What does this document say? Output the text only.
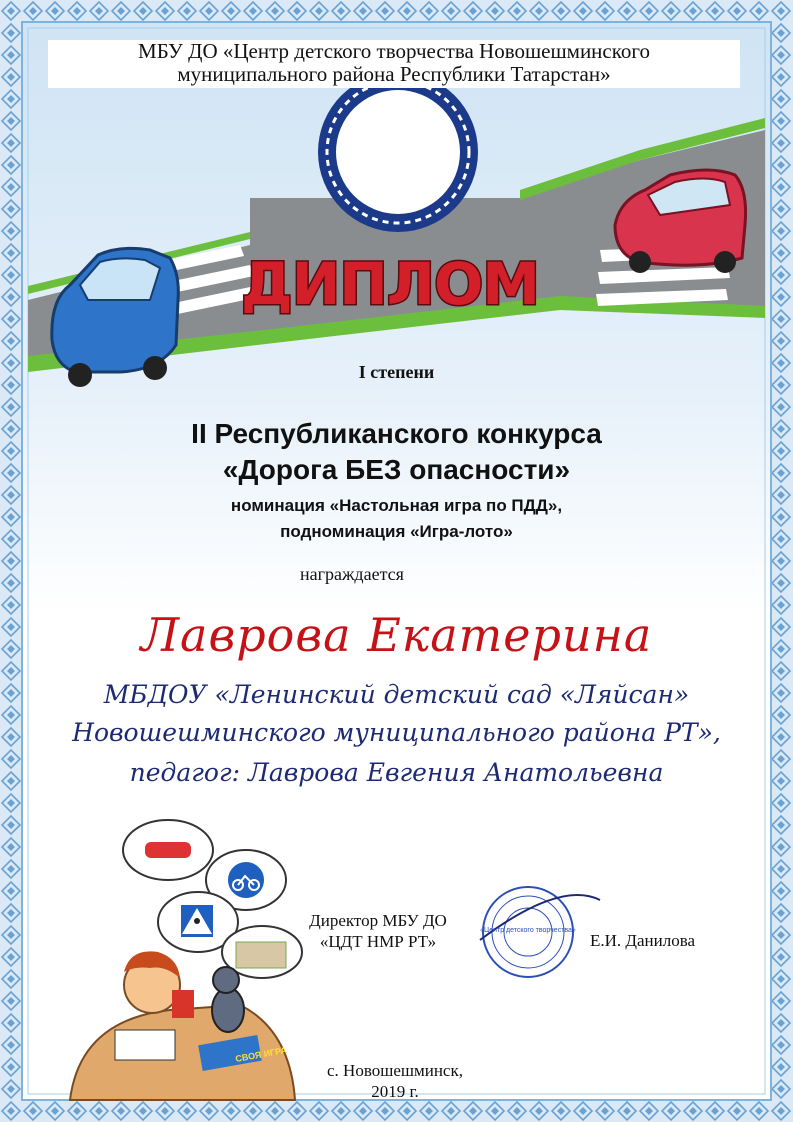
СВОЯ ИГРА
«Центр детского творчества»
ДИПЛОМ
МБУ ДО «Центр детского творчества Новошешминского
муниципального района Республики Татарстан»
I степени
II Республиканского конкурса
«Дорога БЕЗ опасности»
номинация «Настольная игра по ПДД»,
подноминация «Игра-лото»
награждается
Лаврова Екатерина
МБДОУ «Ленинский детский сад «Ляйсан»
Новошешминского муниципального района РТ»,
педагог: Лаврова Евгения Анатольевна
Директор МБУ ДО
«ЦДТ НМР РТ»	Е.И. Данилова
с. Новошешминск,
2019 г.
